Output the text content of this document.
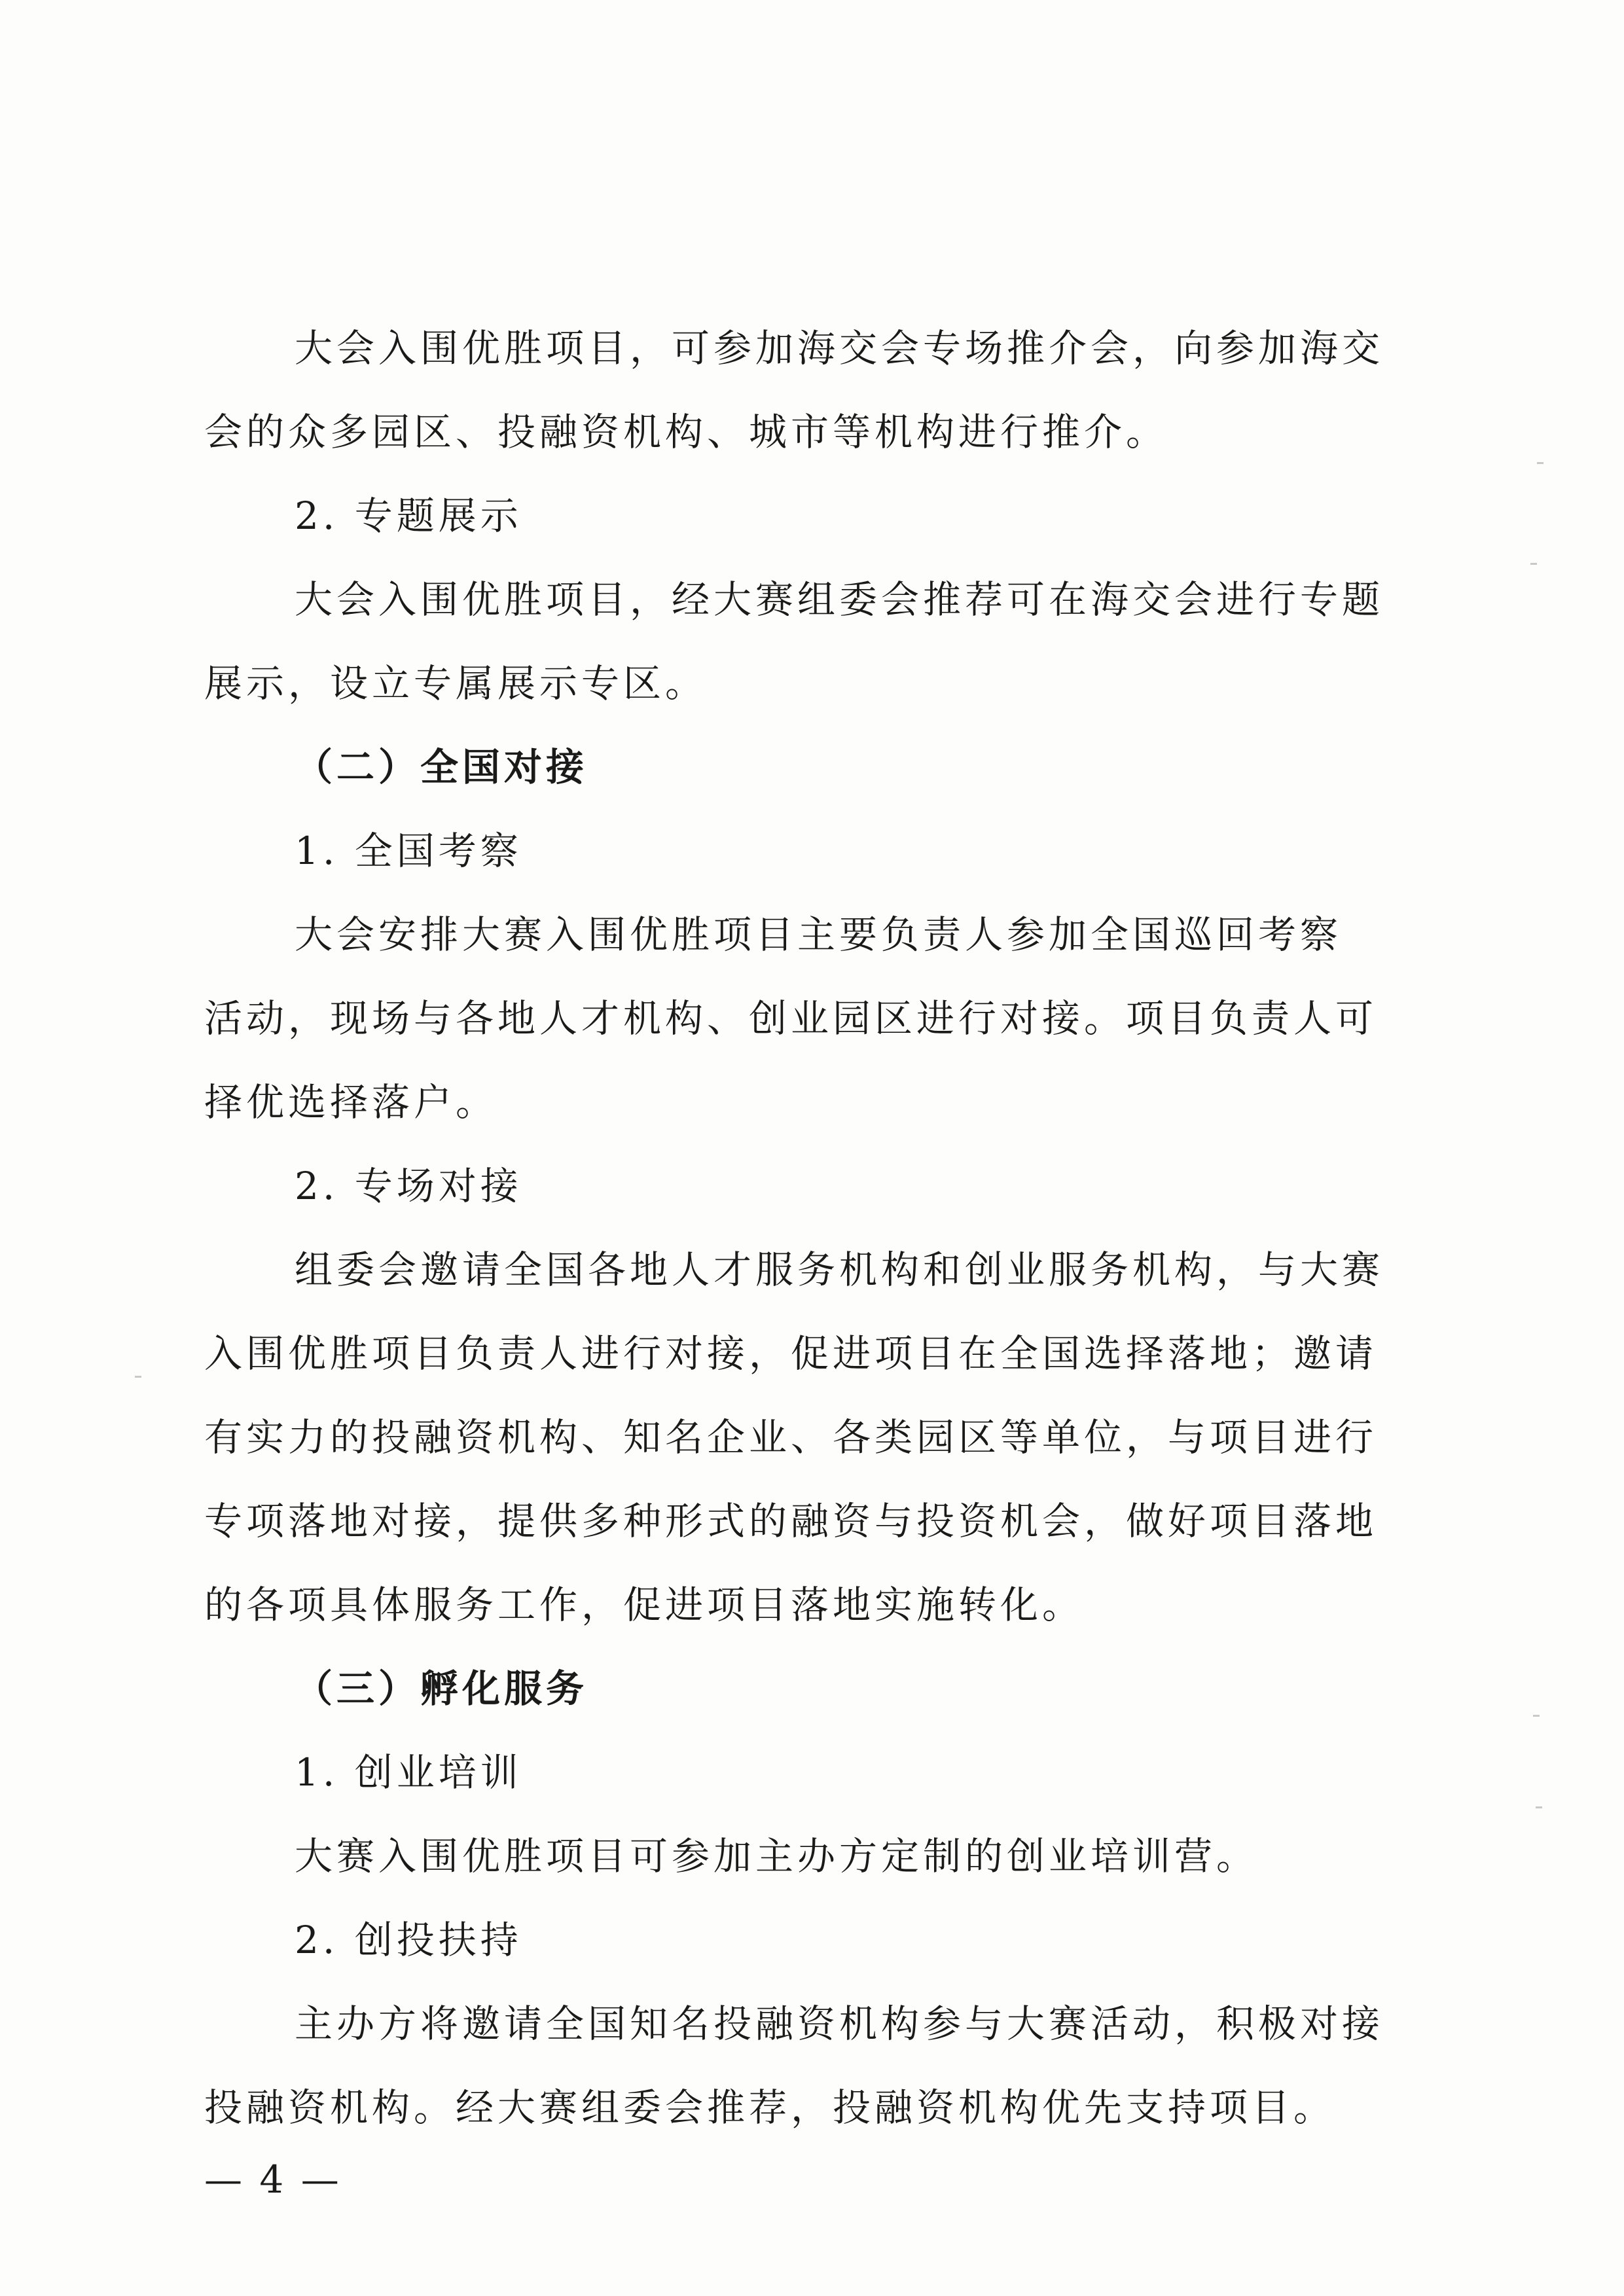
大会入围优胜项目，可参加海交会专场推介会，向参加海交
会的众多园区、投融资机构、城市等机构进行推介。
2. 专题展示
大会入围优胜项目，经大赛组委会推荐可在海交会进行专题
展示，设立专属展示专区。
（二）全国对接
1. 全国考察
大会安排大赛入围优胜项目主要负责人参加全国巡回考察
活动，现场与各地人才机构、创业园区进行对接。项目负责人可
择优选择落户。
2. 专场对接
组委会邀请全国各地人才服务机构和创业服务机构，与大赛
入围优胜项目负责人进行对接，促进项目在全国选择落地；邀请
有实力的投融资机构、知名企业、各类园区等单位，与项目进行
专项落地对接，提供多种形式的融资与投资机会，做好项目落地
的各项具体服务工作，促进项目落地实施转化。
（三）孵化服务
1. 创业培训
大赛入围优胜项目可参加主办方定制的创业培训营。
2. 创投扶持
主办方将邀请全国知名投融资机构参与大赛活动，积极对接
投融资机构。经大赛组委会推荐，投融资机构优先支持项目。
— 4 —
